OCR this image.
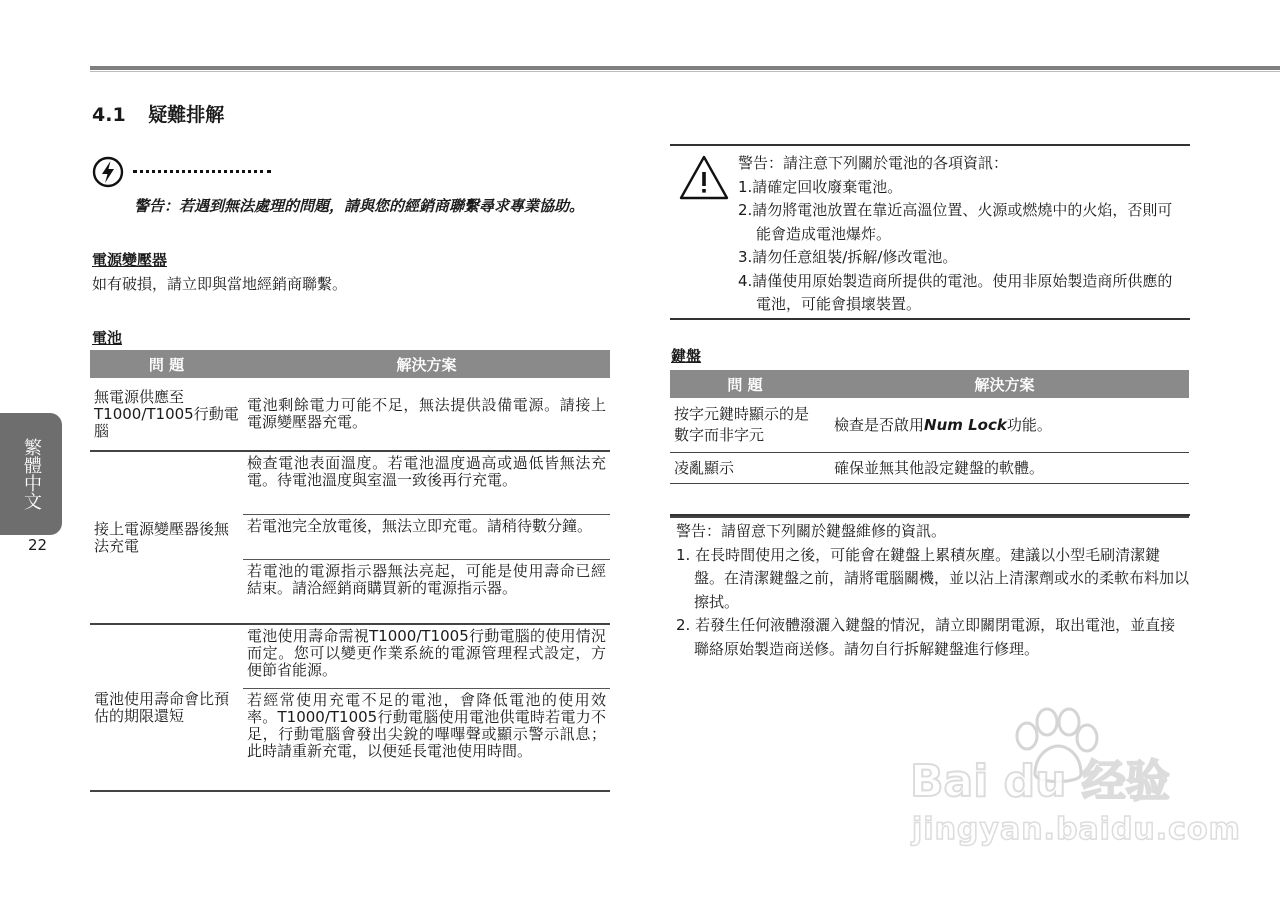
4.1 疑難排解
警告：若遇到無法處理的問題，請與您的經銷商聯繫尋求專業協助。
電源變壓器
如有破損，請立即與當地經銷商聯繫。
電池
問 題	解決方案
無電源供應至T1000/T1005行動電腦	電池剩餘電力可能不足，無法提供設備電源。請接上電源變壓器充電。
接上電源變壓器後無法充電	檢查電池表面溫度。若電池溫度過高或過低皆無法充電。待電池溫度與室溫一致後再行充電。
	若電池完全放電後，無法立即充電。請稍待數分鐘。
	若電池的電源指示器無法亮起，可能是使用壽命已經結束。請洽經銷商購買新的電源指示器。
電池使用壽命會比預估的期限還短	電池使用壽命需視T1000/T1005行動電腦的使用情況而定。您可以變更作業系統的電源管理程式設定，方便節省能源。
	若經常使用充電不足的電池，會降低電池的使用效率。T1000/T1005行動電腦使用電池供電時若電力不足，行動電腦會發出尖銳的嗶嗶聲或顯示警示訊息；此時請重新充電，以便延長電池使用時間。
警告：請注意下列關於電池的各項資訊：
1.請確定回收廢棄電池。
2.請勿將電池放置在靠近高溫位置、火源或燃燒中的火焰，否則可能會造成電池爆炸。
3.請勿任意組裝/拆解/修改電池。
4.請僅使用原始製造商所提供的電池。使用非原始製造商所供應的電池，可能會損壞裝置。
鍵盤
問 題	解決方案
按字元鍵時顯示的是數字而非字元	檢查是否啟用Num Lock功能。
凌亂顯示	確保並無其他設定鍵盤的軟體。

警告：請留意下列關於鍵盤維修的資訊。
1. 在長時間使用之後，可能會在鍵盤上累積灰塵。建議以小型毛刷清潔鍵盤。在清潔鍵盤之前，請將電腦關機，並以沾上清潔劑或水的柔軟布料加以擦拭。
2. 若發生任何液體潑灑入鍵盤的情況，請立即關閉電源，取出電池，並直接聯絡原始製造商送修。請勿自行拆解鍵盤進行修理。
繁體中文
22
Bai du 经验
jingyan.baidu.com
